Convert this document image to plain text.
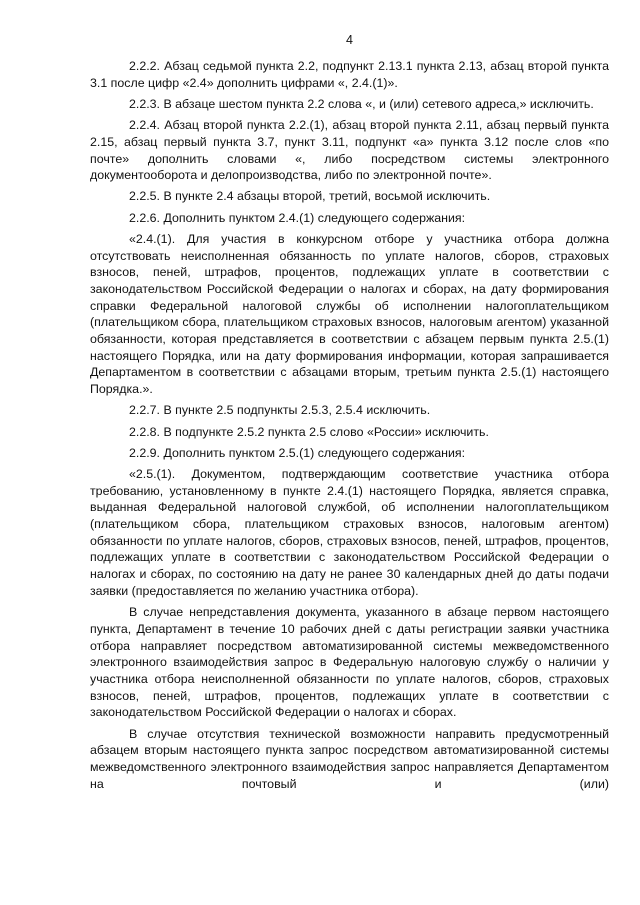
4

2.2.2. Абзац седьмой пункта 2.2, подпункт 2.13.1 пункта 2.13, абзац второй пункта 3.1 после цифр «2.4» дополнить цифрами «, 2.4.(1)».

2.2.3. В абзаце шестом пункта 2.2 слова «, и (или) сетевого адреса,» исключить.

2.2.4. Абзац второй пункта 2.2.(1), абзац второй пункта 2.11, абзац первый пункта 2.15, абзац первый пункта 3.7, пункт 3.11, подпункт «а» пункта 3.12 после слов «по почте» дополнить словами «, либо посредством системы электронного документооборота и делопроизводства, либо по электронной почте».

2.2.5. В пункте 2.4 абзацы второй, третий, восьмой исключить.

2.2.6. Дополнить пунктом 2.4.(1) следующего содержания:

«2.4.(1). Для участия в конкурсном отборе у участника отбора должна отсутствовать неисполненная обязанность по уплате налогов, сборов, страховых взносов, пеней, штрафов, процентов, подлежащих уплате в соответствии с законодательством Российской Федерации о налогах и сборах, на дату формирования справки Федеральной налоговой службы об исполнении налогоплательщиком (плательщиком сбора, плательщиком страховых взносов, налоговым агентом) указанной обязанности, которая представляется в соответствии с абзацем первым пункта 2.5.(1) настоящего Порядка, или на дату формирования информации, которая запрашивается Департаментом в соответствии с абзацами вторым, третьим пункта 2.5.(1) настоящего Порядка.».

2.2.7. В пункте 2.5 подпункты 2.5.3, 2.5.4 исключить.

2.2.8. В подпункте 2.5.2 пункта 2.5 слово «России» исключить.

2.2.9. Дополнить пунктом 2.5.(1) следующего содержания:

«2.5.(1). Документом, подтверждающим соответствие участника отбора требованию, установленному в пункте 2.4.(1) настоящего Порядка, является справка, выданная Федеральной налоговой службой, об исполнении налогоплательщиком (плательщиком сбора, плательщиком страховых взносов, налоговым агентом) обязанности по уплате налогов, сборов, страховых взносов, пеней, штрафов, процентов, подлежащих уплате в соответствии с законодательством Российской Федерации о налогах и сборах, по состоянию на дату не ранее 30 календарных дней до даты подачи заявки (предоставляется по желанию участника отбора).

В случае непредставления документа, указанного в абзаце первом настоящего пункта, Департамент в течение 10 рабочих дней с даты регистрации заявки участника отбора направляет посредством автоматизированной системы межведомственного электронного взаимодействия запрос в Федеральную налоговую службу о наличии у участника отбора неисполненной обязанности по уплате налогов, сборов, страховых взносов, пеней, штрафов, процентов, подлежащих уплате в соответствии с законодательством Российской Федерации о налогах и сборах.

В случае отсутствия технической возможности направить предусмотренный абзацем вторым настоящего пункта запрос посредством автоматизированной системы межведомственного электронного взаимодействия запрос направляется Департаментом на почтовый и (или)
